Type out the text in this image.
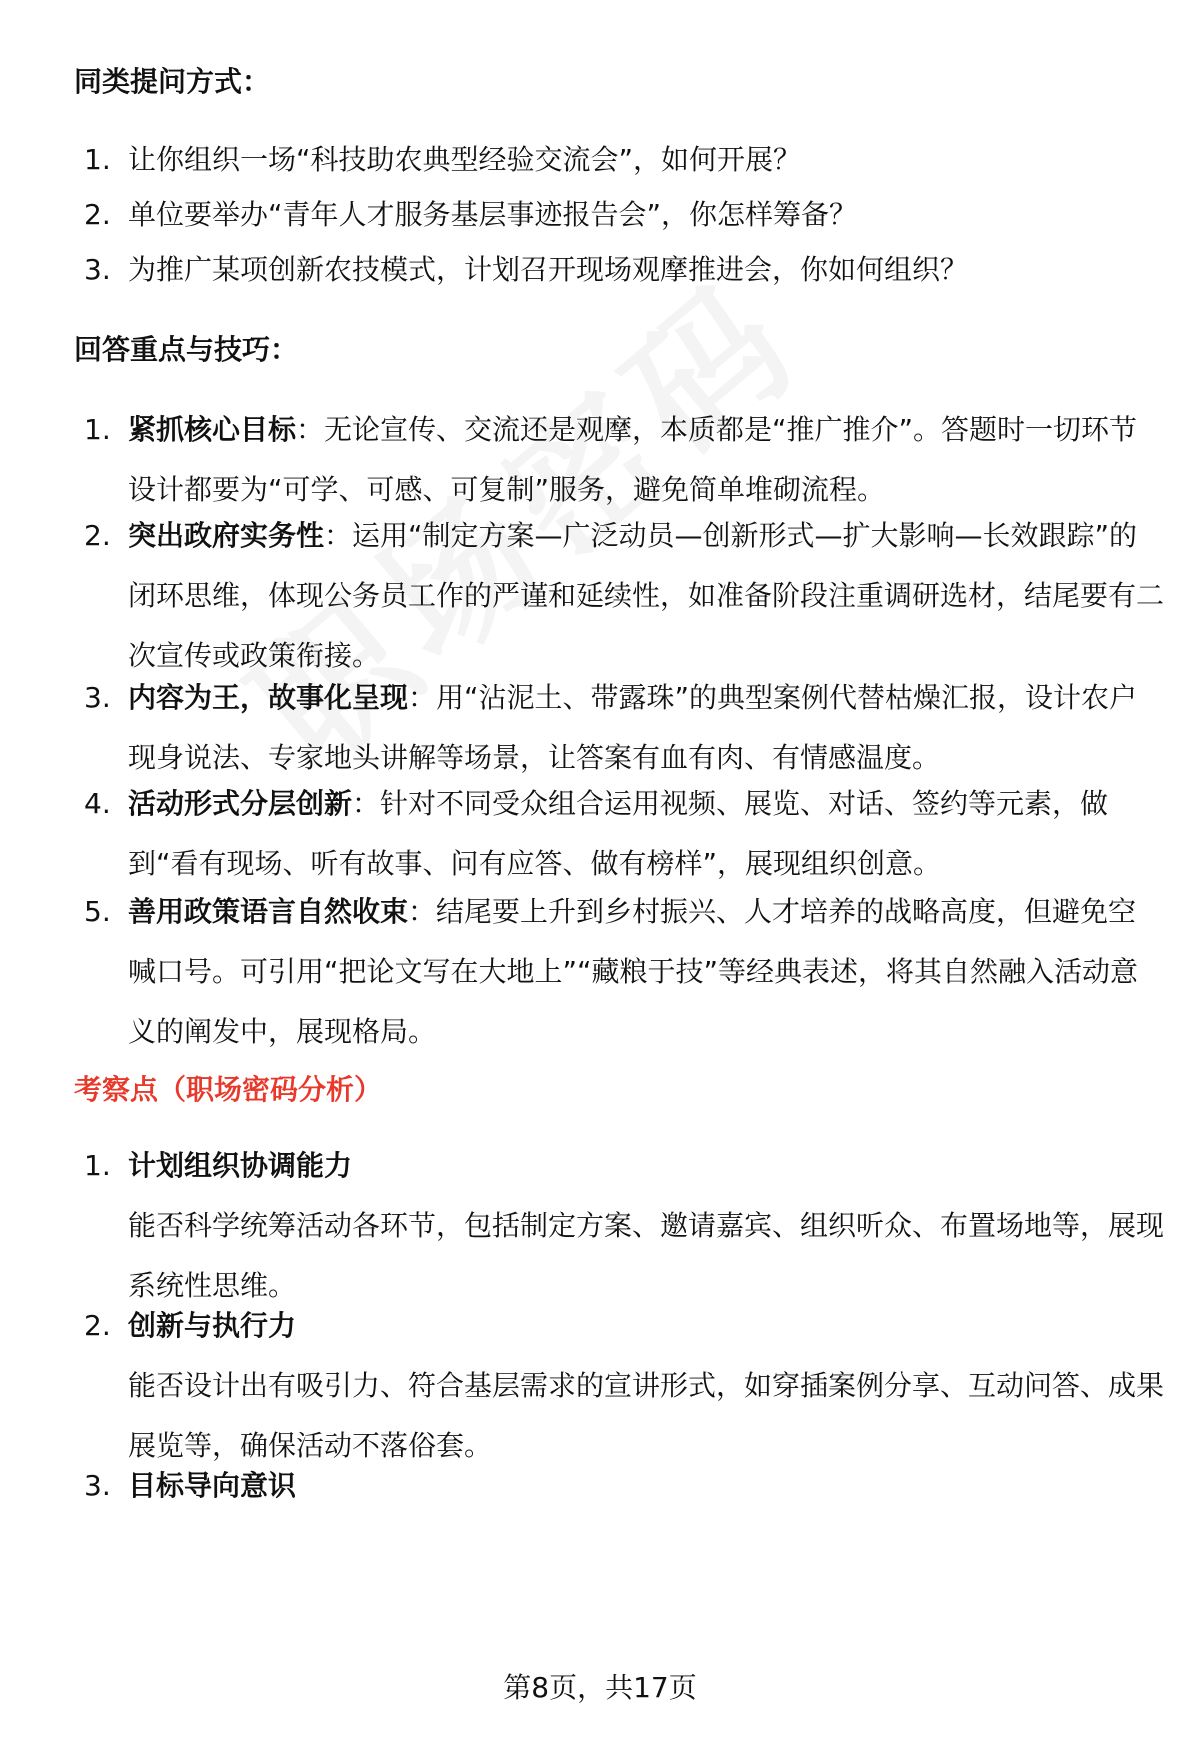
同类提问方式：
1. 让你组织一场“科技助农典型经验交流会”，如何开展？
2. 单位要举办“青年人才服务基层事迹报告会”，你怎样筹备？
3. 为推广某项创新农技模式，计划召开现场观摩推进会，你如何组织？
回答重点与技巧：
1. 紧抓核心目标：无论宣传、交流还是观摩，本质都是“推广推介”。答题时一切环节设计都要为“可学、可感、可复制”服务，避免简单堆砌流程。
2. 突出政府实务性：运用“制定方案—广泛动员—创新形式—扩大影响—长效跟踪”的闭环思维，体现公务员工作的严谨和延续性，如准备阶段注重调研选材，结尾要有二次宣传或政策衔接。
3. 内容为王，故事化呈现：用“沾泥土、带露珠”的典型案例代替枯燥汇报，设计农户现身说法、专家地头讲解等场景，让答案有血有肉、有情感温度。
4. 活动形式分层创新：针对不同受众组合运用视频、展览、对话、签约等元素，做到“看有现场、听有故事、问有应答、做有榜样”，展现组织创意。
5. 善用政策语言自然收束：结尾要上升到乡村振兴、人才培养的战略高度，但避免空喊口号。可引用“把论文写在大地上”“藏粮于技”等经典表述，将其自然融入活动意义的阐发中，展现格局。
考察点（职场密码分析）
1. 计划组织协调能力
能否科学统筹活动各环节，包括制定方案、邀请嘉宾、组织听众、布置场地等，展现系统性思维。
2. 创新与执行力
能否设计出有吸引力、符合基层需求的宣讲形式，如穿插案例分享、互动问答、成果展览等，确保活动不落俗套。
3. 目标导向意识
第8页，共17页
